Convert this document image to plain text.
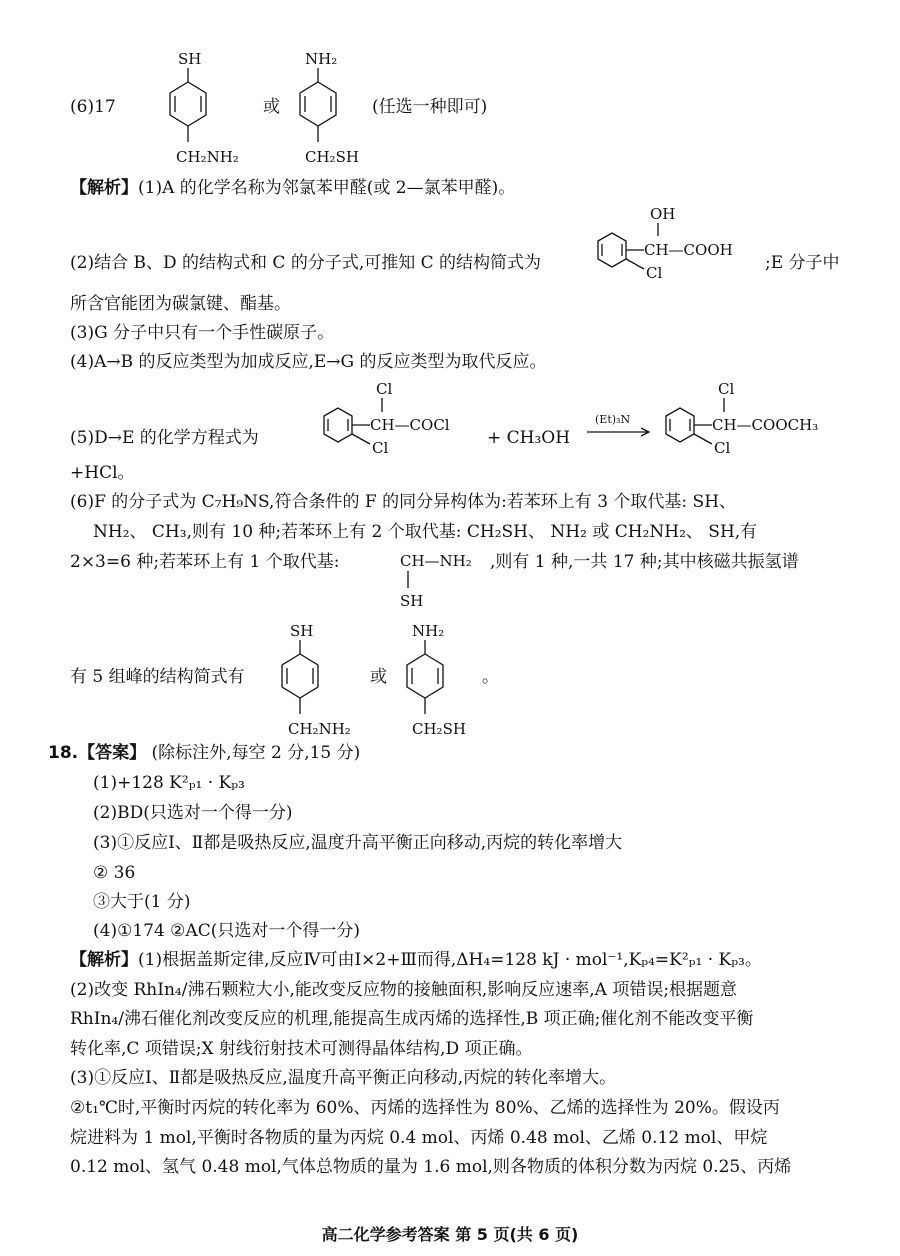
(6)17
SH
CH₂NH₂
或
NH₂
CH₂SH
(任选一种即可)
【解析】(1)A 的化学名称为邻氯苯甲醛(或 2—氯苯甲醛)。
(2)结合 B、D 的结构式和 C 的分子式,可推知 C 的结构简式为
OH
CH—COOH
Cl	;E 分子中
所含官能团为碳氯键、酯基。
(3)G 分子中只有一个手性碳原子。
(4)A→B 的反应类型为加成反应,E→G 的反应类型为取代反应。
(5)D→E 的化学方程式为
Cl
CH—COCl
Cl	+ CH₃OH
(Et)₃N
Cl
CH—COOCH₃
Cl
+HCl。
(6)F 的分子式为 C₇H₉NS,符合条件的 F 的同分异构体为:若苯环上有 3 个取代基: SH、
NH₂、 CH₃,则有 10 种;若苯环上有 2 个取代基: CH₂SH、 NH₂ 或 CH₂NH₂、 SH,有
2×3=6 种;若苯环上有 1 个取代基:	CH—NH₂
SH
,则有 1 种,一共 17 种;其中核磁共振氢谱
有 5 组峰的结构简式有
SH
CH₂NH₂
或
NH₂
CH₂SH
。
18.【答案】 (除标注外,每空 2 分,15 分)
(1)+128 K²ₚ₁ · Kₚ₃
(2)BD(只选对一个得一分)
(3)①反应Ⅰ、Ⅱ都是吸热反应,温度升高平衡正向移动,丙烷的转化率增大
② 36
③大于(1 分)
(4)①174 ②AC(只选对一个得一分)
【解析】(1)根据盖斯定律,反应Ⅳ可由Ⅰ×2+Ⅲ而得,ΔH₄=128 kJ · mol⁻¹,Kₚ₄=K²ₚ₁ · Kₚ₃。
(2)改变 RhIn₄/沸石颗粒大小,能改变反应物的接触面积,影响反应速率,A 项错误;根据题意
RhIn₄/沸石催化剂改变反应的机理,能提高生成丙烯的选择性,B 项正确;催化剂不能改变平衡
转化率,C 项错误;X 射线衍射技术可测得晶体结构,D 项正确。
(3)①反应Ⅰ、Ⅱ都是吸热反应,温度升高平衡正向移动,丙烷的转化率增大。
②t₁℃时,平衡时丙烷的转化率为 60%、丙烯的选择性为 80%、乙烯的选择性为 20%。假设丙
烷进料为 1 mol,平衡时各物质的量为丙烷 0.4 mol、丙烯 0.48 mol、乙烯 0.12 mol、甲烷
0.12 mol、氢气 0.48 mol,气体总物质的量为 1.6 mol,则各物质的体积分数为丙烷 0.25、丙烯
高二化学参考答案 第 5 页(共 6 页)
